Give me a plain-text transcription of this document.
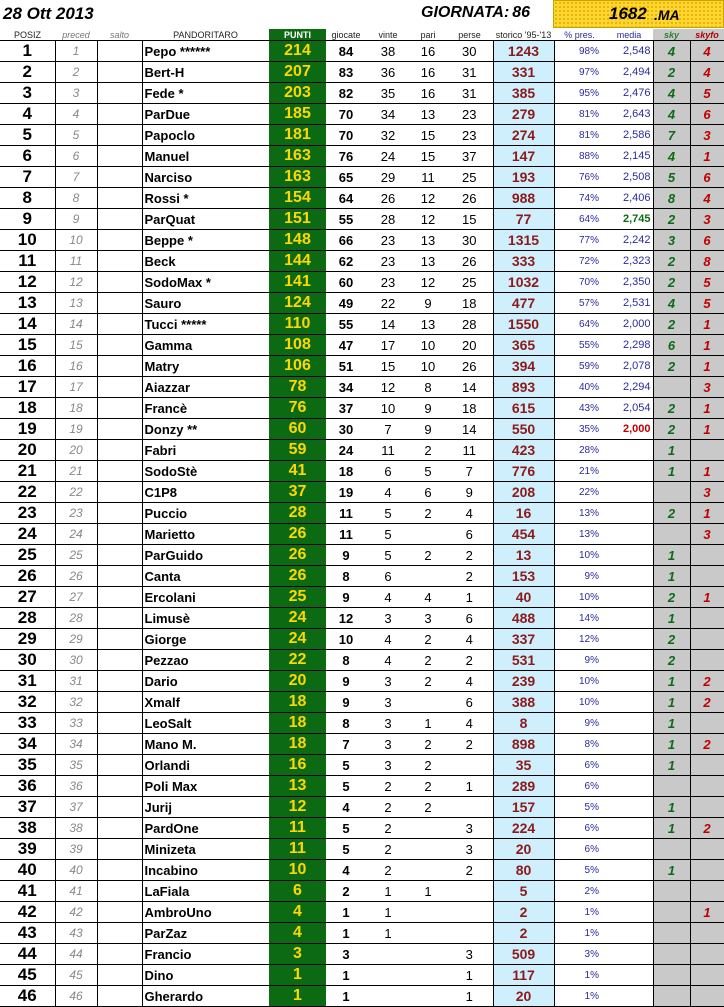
28 Ott 2013	GIORNATA: 86	1682 .MA
POSIZ	preced	salto	PANDORITARO	PUNTI	giocate	vinte	pari	perse	storico '95-'13	% pres.	media	sky	skyfo
1	1		Pepo ******	214	84	38	16	30	1243	98%	2,548	4	4
2	2		Bert-H	207	83	36	16	31	331	97%	2,494	2	4
3	3		Fede *	203	82	35	16	31	385	95%	2,476	4	5
4	4		ParDue	185	70	34	13	23	279	81%	2,643	4	6
5	5		Papoclo	181	70	32	15	23	274	81%	2,586	7	3
6	6		Manuel	163	76	24	15	37	147	88%	2,145	4	1
7	7		Narciso	163	65	29	11	25	193	76%	2,508	5	6
8	8		Rossi *	154	64	26	12	26	988	74%	2,406	8	4
9	9		ParQuat	151	55	28	12	15	77	64%	2,745	2	3
10	10		Beppe *	148	66	23	13	30	1315	77%	2,242	3	6
11	11		Beck	144	62	23	13	26	333	72%	2,323	2	8
12	12		SodoMax *	141	60	23	12	25	1032	70%	2,350	2	5
13	13		Sauro	124	49	22	9	18	477	57%	2,531	4	5
14	14		Tucci *****	110	55	14	13	28	1550	64%	2,000	2	1
15	15		Gamma	108	47	17	10	20	365	55%	2,298	6	1
16	16		Matry	106	51	15	10	26	394	59%	2,078	2	1
17	17		Aiazzar	78	34	12	8	14	893	40%	2,294		3
18	18		Francè	76	37	10	9	18	615	43%	2,054	2	1
19	19		Donzy **	60	30	7	9	14	550	35%	2,000	2	1
20	20		Fabri	59	24	11	2	11	423	28%		1	
21	21		SodoStè	41	18	6	5	7	776	21%		1	1
22	22		C1P8	37	19	4	6	9	208	22%			3
23	23		Puccio	28	11	5	2	4	16	13%		2	1
24	24		Marietto	26	11	5		6	454	13%			3
25	25		ParGuido	26	9	5	2	2	13	10%		1	
26	26		Canta	26	8	6		2	153	9%		1	
27	27		Ercolani	25	9	4	4	1	40	10%		2	1
28	28		Limusè	24	12	3	3	6	488	14%		1	
29	29		Giorge	24	10	4	2	4	337	12%		2	
30	30		Pezzao	22	8	4	2	2	531	9%		2	
31	31		Dario	20	9	3	2	4	239	10%		1	2
32	32		Xmalf	18	9	3		6	388	10%		1	2
33	33		LeoSalt	18	8	3	1	4	8	9%		1	
34	34		Mano M.	18	7	3	2	2	898	8%		1	2
35	35		Orlandi	16	5	3	2		35	6%		1	
36	36		Poli Max	13	5	2	2	1	289	6%			
37	37		Jurij	12	4	2	2		157	5%		1	
38	38		PardOne	11	5	2		3	224	6%		1	2
39	39		Minizeta	11	5	2		3	20	6%			
40	40		Incabino	10	4	2		2	80	5%		1	
41	41		LaFiala	6	2	1	1		5	2%			
42	42		AmbroUno	4	1	1			2	1%			1
43	43		ParZaz	4	1	1			2	1%			
44	44		Francio	3	3			3	509	3%			
45	45		Dino	1	1			1	117	1%			
46	46		Gherardo	1	1			1	20	1%			
